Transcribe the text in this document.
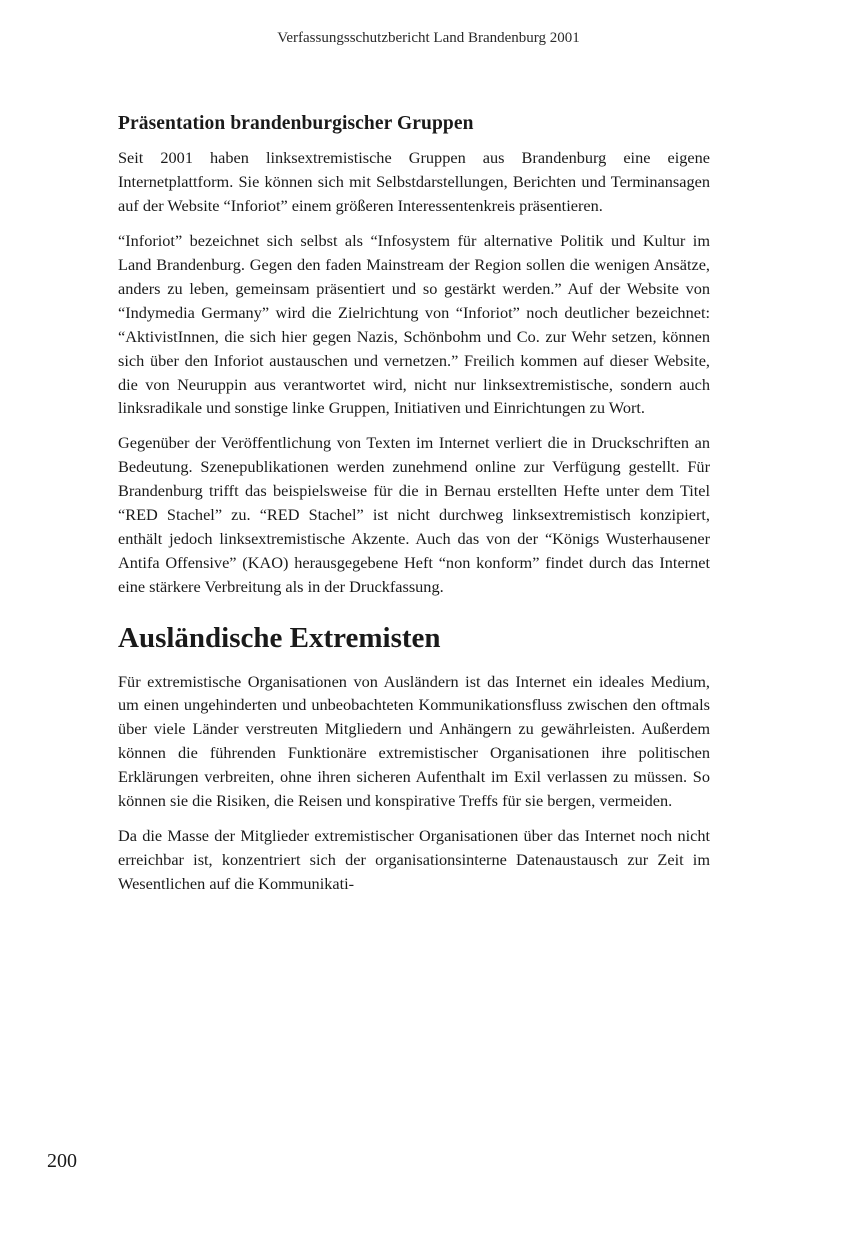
Verfassungsschutzbericht Land Brandenburg 2001
Präsentation brandenburgischer Gruppen

Seit 2001 haben linksextremistische Gruppen aus Brandenburg eine eigene Internetplattform. Sie können sich mit Selbstdarstellungen, Berichten und Terminansagen auf der Website “Inforiot” einem größeren Interessentenkreis präsentieren.

“Inforiot” bezeichnet sich selbst als “Infosystem für alternative Politik und Kultur im Land Brandenburg. Gegen den faden Mainstream der Region sollen die wenigen Ansätze, anders zu leben, gemeinsam präsentiert und so gestärkt werden.” Auf der Website von “Indymedia Germany” wird die Zielrichtung von “Inforiot” noch deutlicher bezeichnet: “AktivistInnen, die sich hier gegen Nazis, Schönbohm und Co. zur Wehr setzen, können sich über den Inforiot austauschen und vernetzen.” Freilich kommen auf dieser Website, die von Neuruppin aus verantwortet wird, nicht nur linksextremistische, sondern auch linksradikale und sonstige linke Gruppen, Initiativen und Einrichtungen zu Wort.

Gegenüber der Veröffentlichung von Texten im Internet verliert die in Druckschriften an Bedeutung. Szenepublikationen werden zunehmend online zur Verfügung gestellt. Für Brandenburg trifft das beispielsweise für die in Bernau erstellten Hefte unter dem Titel “RED Stachel” zu. “RED Stachel” ist nicht durchweg linksextremistisch konzipiert, enthält jedoch linksextremistische Akzente. Auch das von der “Königs Wusterhausener Antifa Offensive” (KAO) herausgegebene Heft “non konform” findet durch das Internet eine stärkere Verbreitung als in der Druckfassung.

Ausländische Extremisten

Für extremistische Organisationen von Ausländern ist das Internet ein ideales Medium, um einen ungehinderten und unbeobachteten Kommunikationsfluss zwischen den oftmals über viele Länder verstreuten Mitgliedern und Anhängern zu gewährleisten. Außerdem können die führenden Funktionäre extremistischer Organisationen ihre politischen Erklärungen verbreiten, ohne ihren sicheren Aufenthalt im Exil verlassen zu müssen. So können sie die Risiken, die Reisen und konspirative Treffs für sie bergen, vermeiden.

Da die Masse der Mitglieder extremistischer Organisationen über das Internet noch nicht erreichbar ist, konzentriert sich der organisationsinterne Datenaustausch zur Zeit im Wesentlichen auf die Kommunikati-

200
